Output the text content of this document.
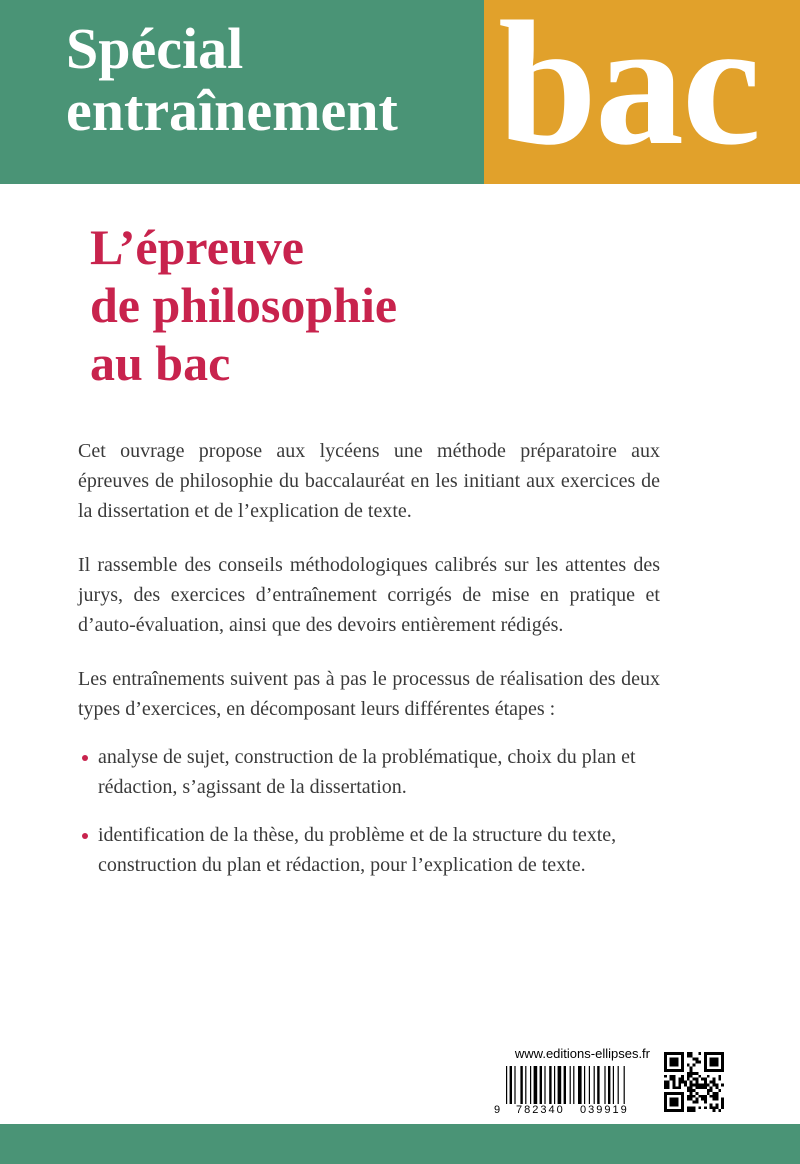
Spécial
entraînement bac
L’épreuve
de philosophie
au bac

Cet ouvrage propose aux lycéens une méthode préparatoire aux épreuves de philosophie du baccalauréat en les initiant aux exercices de la dissertation et de l’explication de texte.

Il rassemble des conseils méthodologiques calibrés sur les attentes des jurys, des exercices d’entraînement corrigés de mise en pratique et d’auto-évaluation, ainsi que des devoirs entièrement rédigés.

Les entraînements suivent pas à pas le processus de réalisation des deux types d’exercices, en décomposant leurs différentes étapes :

analyse de sujet, construction de la problématique, choix du plan et rédaction, s’agissant de la dissertation.
identification de la thèse, du problème et de la structure du texte, construction du plan et rédaction, pour l’explication de texte.
www.editions-ellipses.fr
9 782340 039919
